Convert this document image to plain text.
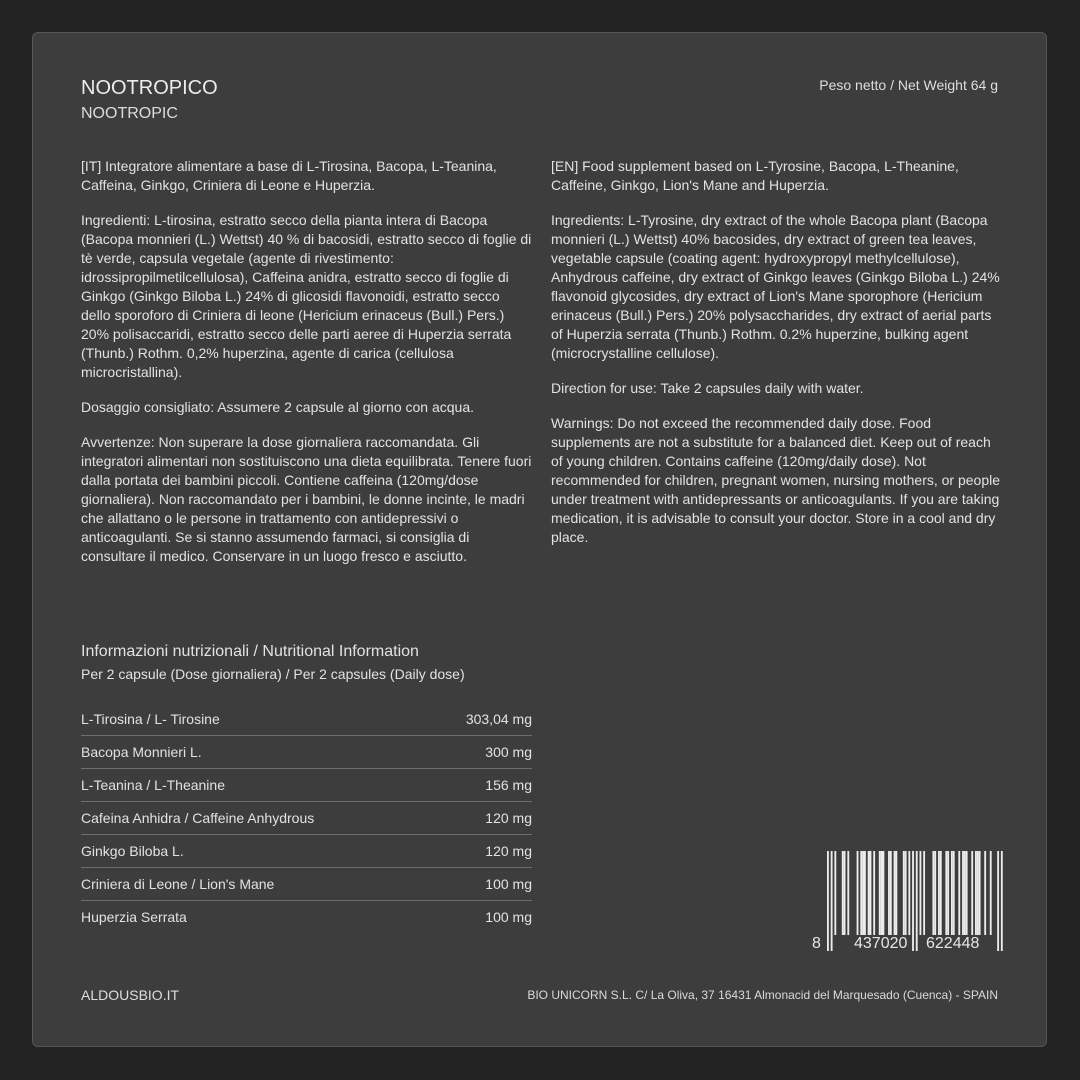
NOOTROPICO
NOOTROPIC
Peso netto / Net Weight 64 g

[IT] Integratore alimentare a base di L-Tirosina, Bacopa, L-Teanina, Caffeina, Ginkgo, Criniera di Leone e Huperzia.

Ingredienti: L-tirosina, estratto secco della pianta intera di Bacopa (Bacopa monnieri (L.) Wettst) 40 % di bacosidi, estratto secco di foglie di tè verde, capsula vegetale (agente di rivestimento: idrossipropilmetilcellulosa), Caffeina anidra, estratto secco di foglie di Ginkgo (Ginkgo Biloba L.) 24% di glicosidi flavonoidi, estratto secco dello sporoforo di Criniera di leone (Hericium erinaceus (Bull.) Pers.) 20% polisaccaridi, estratto secco delle parti aeree di Huperzia serrata (Thunb.) Rothm. 0,2% huperzina, agente di carica (cellulosa microcristallina).

Dosaggio consigliato: Assumere 2 capsule al giorno con acqua.

Avvertenze: Non superare la dose giornaliera raccomandata. Gli integratori alimentari non sostituiscono una dieta equilibrata. Tenere fuori dalla portata dei bambini piccoli. Contiene caffeina (120mg/dose giornaliera). Non raccomandato per i bambini, le donne incinte, le madri che allattano o le persone in trattamento con antidepressivi o anticoagulanti. Se si stanno assumendo farmaci, si consiglia di consultare il medico. Conservare in un luogo fresco e asciutto.

[EN] Food supplement based on L-Tyrosine, Bacopa, L-Theanine, Caffeine, Ginkgo, Lion's Mane and Huperzia.

Ingredients: L-Tyrosine, dry extract of the whole Bacopa plant (Bacopa monnieri (L.) Wettst) 40% bacosides, dry extract of green tea leaves, vegetable capsule (coating agent: hydroxypropyl methylcellulose), Anhydrous caffeine, dry extract of Ginkgo leaves (Ginkgo Biloba L.) 24% flavonoid glycosides, dry extract of Lion's Mane sporophore (Hericium erinaceus (Bull.) Pers.) 20% polysaccharides, dry extract of aerial parts of Huperzia serrata (Thunb.) Rothm. 0.2% huperzine, bulking agent (microcrystalline cellulose).

Direction for use: Take 2 capsules daily with water.

Warnings: Do not exceed the recommended daily dose. Food supplements are not a substitute for a balanced diet. Keep out of reach of young children. Contains caffeine (120mg/daily dose). Not recommended for children, pregnant women, nursing mothers, or people under treatment with antidepressants or anticoagulants. If you are taking medication, it is advisable to consult your doctor. Store in a cool and dry place.

Informazioni nutrizionali / Nutritional Information
Per 2 capsule (Dose giornaliera) / Per 2 capsules (Daily dose)
L-Tirosina / L- Tirosine	303,04 mg
Bacopa Monnieri L.	300 mg
L-Teanina / L-Theanine	156 mg
Cafeina Anhidra / Caffeine Anhydrous	120 mg
Ginkgo Biloba L.	120 mg
Criniera di Leone / Lion's Mane	100 mg
Huperzia Serrata	100 mg
8 437020 622448
ALDOUSBIO.IT	BIO UNICORN S.L. C/ La Oliva, 37 16431 Almonacid del Marquesado (Cuenca) - SPAIN
